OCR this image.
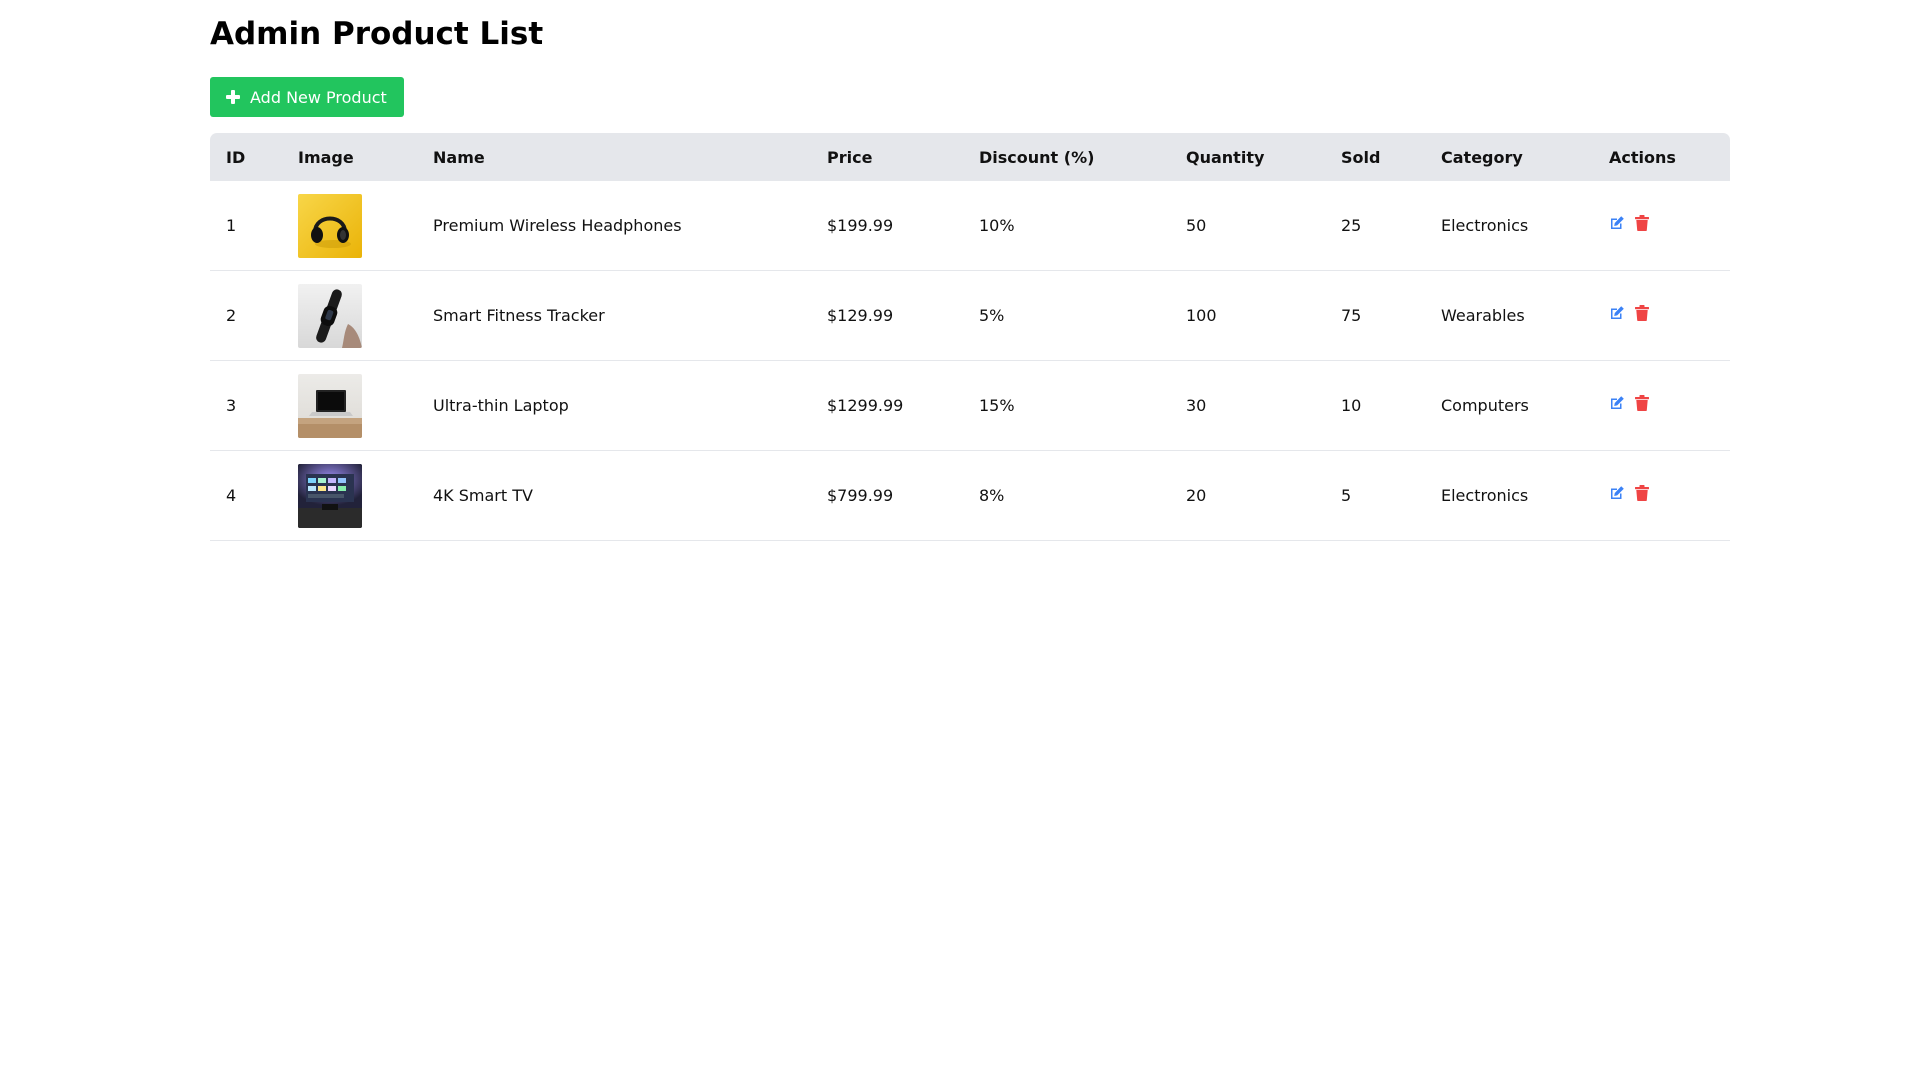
Admin Product List
Add New Product
ID	Image	Name	Price	Discount (%)	Quantity	Sold	Category	Actions
1		Premium Wireless Headphones	$199.99	10%	50	25	Electronics	

2		Smart Fitness Tracker	$129.99	5%	100	75	Wearables	

3		Ultra-thin Laptop	$1299.99	15%	30	10	Computers	

4		4K Smart TV	$799.99	8%	20	5	Electronics	
